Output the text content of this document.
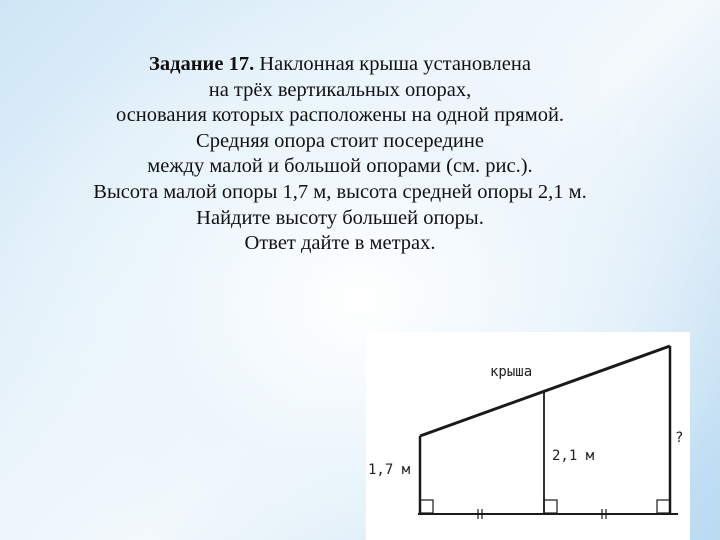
Задание 17. Наклонная крыша установлена
на трёх вертикальных опорах,
основания которых расположены на одной прямой.
Средняя опора стоит посередине
между малой и большой опорами (см. рис.).
Высота малой опоры 1,7 м, высота средней опоры 2,1 м.
Найдите высоту большей опоры.
Ответ дайте в метрах.
крыша
1,7 м
2,1 м
?
